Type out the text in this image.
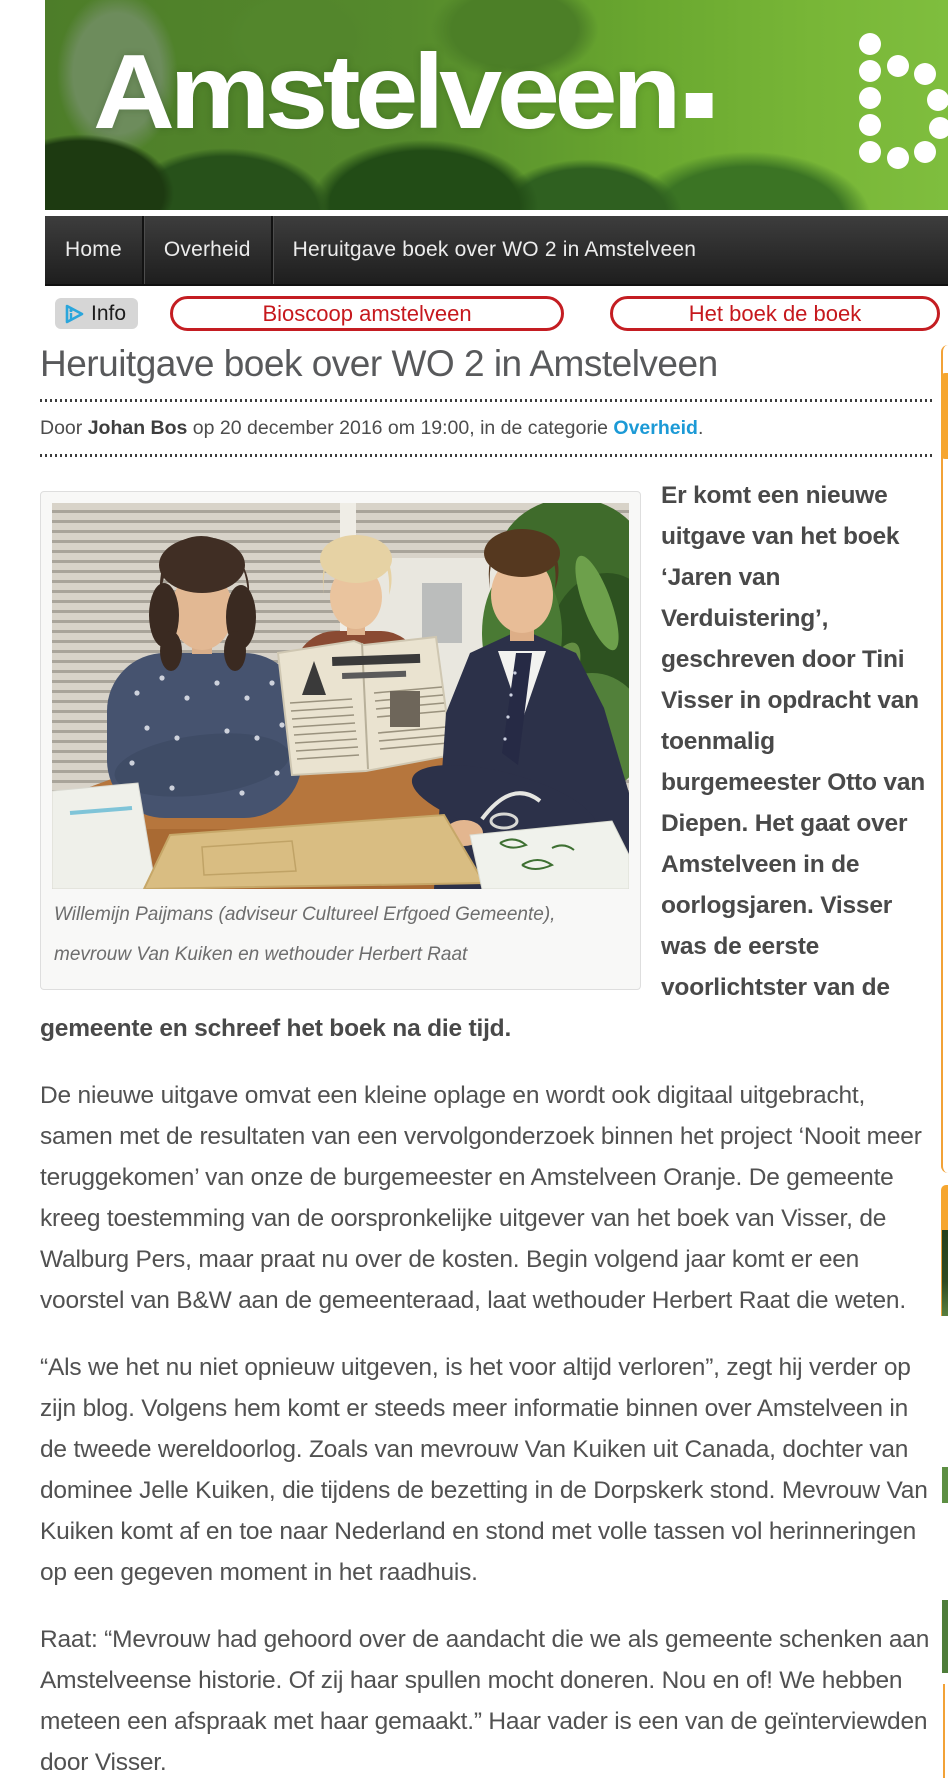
Amstelveen
Home	Overheid	Heruitgave boek over WO 2 in Amstelveen
Info	Bioscoop amstelveen	Het boek de boek
Heruitgave boek over WO 2 in Amstelveen
Door Johan Bos op 20 december 2016 om 19:00, in de categorie Overheid.
Willemijn Paijmans (adviseur Cultureel Erfgoed Gemeente),
mevrouw Van Kuiken en wethouder Herbert Raat

Er komt een nieuwe uitgave van het boek ‘Jaren van Verduistering’, geschreven door Tini Visser in opdracht van toenmalig burgemeester Otto van Diepen. Het gaat over Amstelveen in de oorlogsjaren. Visser was de eerste voorlichtster van de gemeente en schreef het boek na die tijd.

De nieuwe uitgave omvat een kleine oplage en wordt ook digitaal uitgebracht, samen met de resultaten van een vervolgonderzoek binnen het project ‘Nooit meer teruggekomen’ van onze de burgemeester en Amstelveen Oranje. De gemeente kreeg toestemming van de oorspronkelijke uitgever van het boek van Visser, de Walburg Pers, maar praat nu over de kosten. Begin volgend jaar komt er een voorstel van B&W aan de gemeenteraad, laat wethouder Herbert Raat die weten.

“Als we het nu niet opnieuw uitgeven, is het voor altijd verloren”, zegt hij verder op zijn blog. Volgens hem komt er steeds meer informatie binnen over Amstelveen in de tweede wereldoorlog. Zoals van mevrouw Van Kuiken uit Canada, dochter van dominee Jelle Kuiken, die tijdens de bezetting in de Dorpskerk stond. Mevrouw Van Kuiken komt af en toe naar Nederland en stond met volle tassen vol herinneringen op een gegeven moment in het raadhuis.

Raat: “Mevrouw had gehoord over de aandacht die we als gemeente schenken aan Amstelveense historie. Of zij haar spullen mocht doneren. Nou en of! We hebben meteen een afspraak met haar gemaakt.” Haar vader is een van de geïnterviewden door Visser.
